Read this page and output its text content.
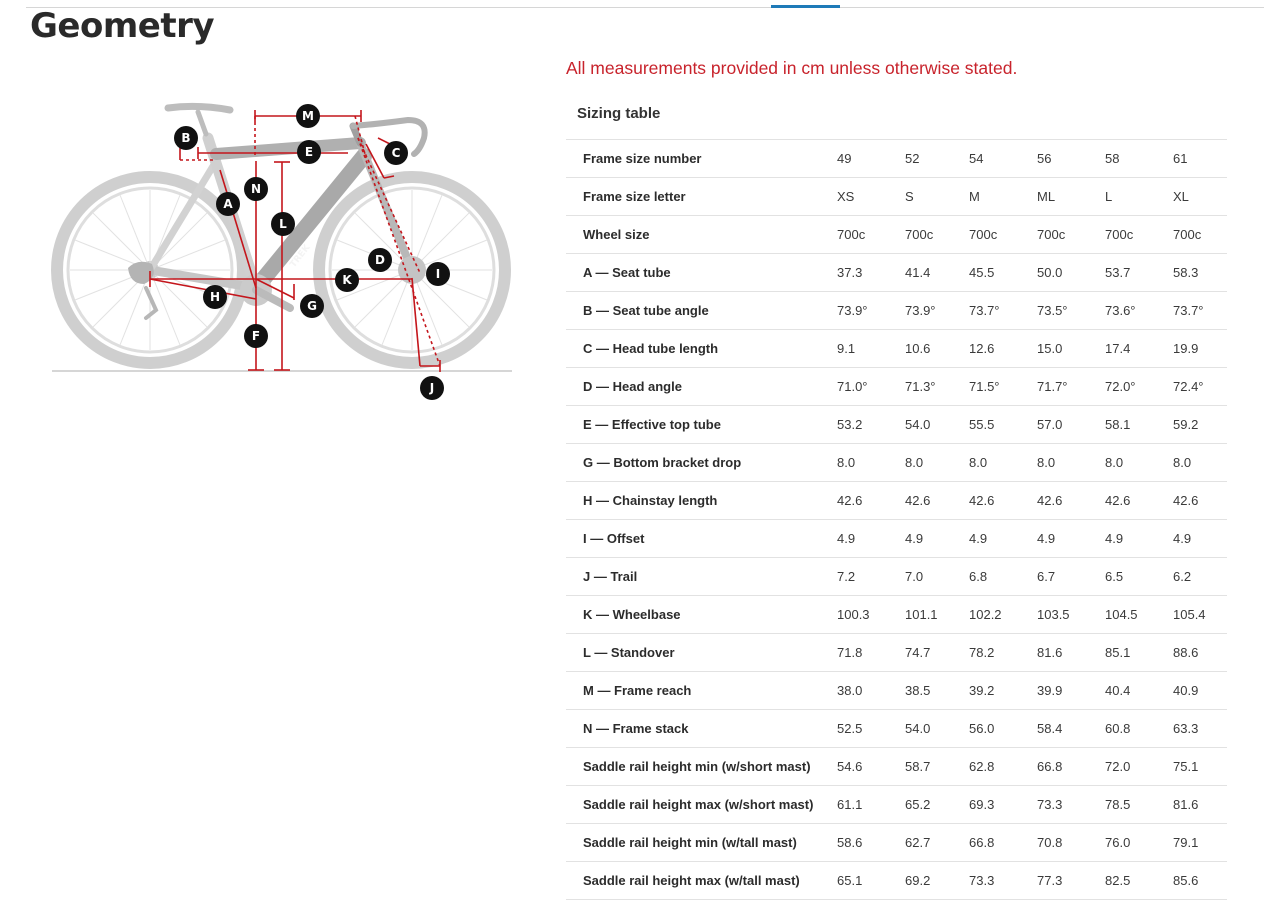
Geometry
TREK
M
B
E	C
N
A
L
D
I
K
H
G
F
J
All measurements provided in cm unless otherwise stated.
Sizing table
Frame size number	49	52	54	56	58	61
Frame size letter	XS	S	M	ML	L	XL
Wheel size	700c	700c	700c	700c	700c	700c
A — Seat tube	37.3	41.4	45.5	50.0	53.7	58.3
B — Seat tube angle	73.9°	73.9°	73.7°	73.5°	73.6°	73.7°
C — Head tube length	9.1	10.6	12.6	15.0	17.4	19.9
D — Head angle	71.0°	71.3°	71.5°	71.7°	72.0°	72.4°
E — Effective top tube	53.2	54.0	55.5	57.0	58.1	59.2
G — Bottom bracket drop	8.0	8.0	8.0	8.0	8.0	8.0
H — Chainstay length	42.6	42.6	42.6	42.6	42.6	42.6
I — Offset	4.9	4.9	4.9	4.9	4.9	4.9
J — Trail	7.2	7.0	6.8	6.7	6.5	6.2
K — Wheelbase	100.3	101.1	102.2	103.5	104.5	105.4
L — Standover	71.8	74.7	78.2	81.6	85.1	88.6
M — Frame reach	38.0	38.5	39.2	39.9	40.4	40.9
N — Frame stack	52.5	54.0	56.0	58.4	60.8	63.3
Saddle rail height min (w/short mast)	54.6	58.7	62.8	66.8	72.0	75.1
Saddle rail height max (w/short mast)	61.1	65.2	69.3	73.3	78.5	81.6
Saddle rail height min (w/tall mast)	58.6	62.7	66.8	70.8	76.0	79.1
Saddle rail height max (w/tall mast)	65.1	69.2	73.3	77.3	82.5	85.6
